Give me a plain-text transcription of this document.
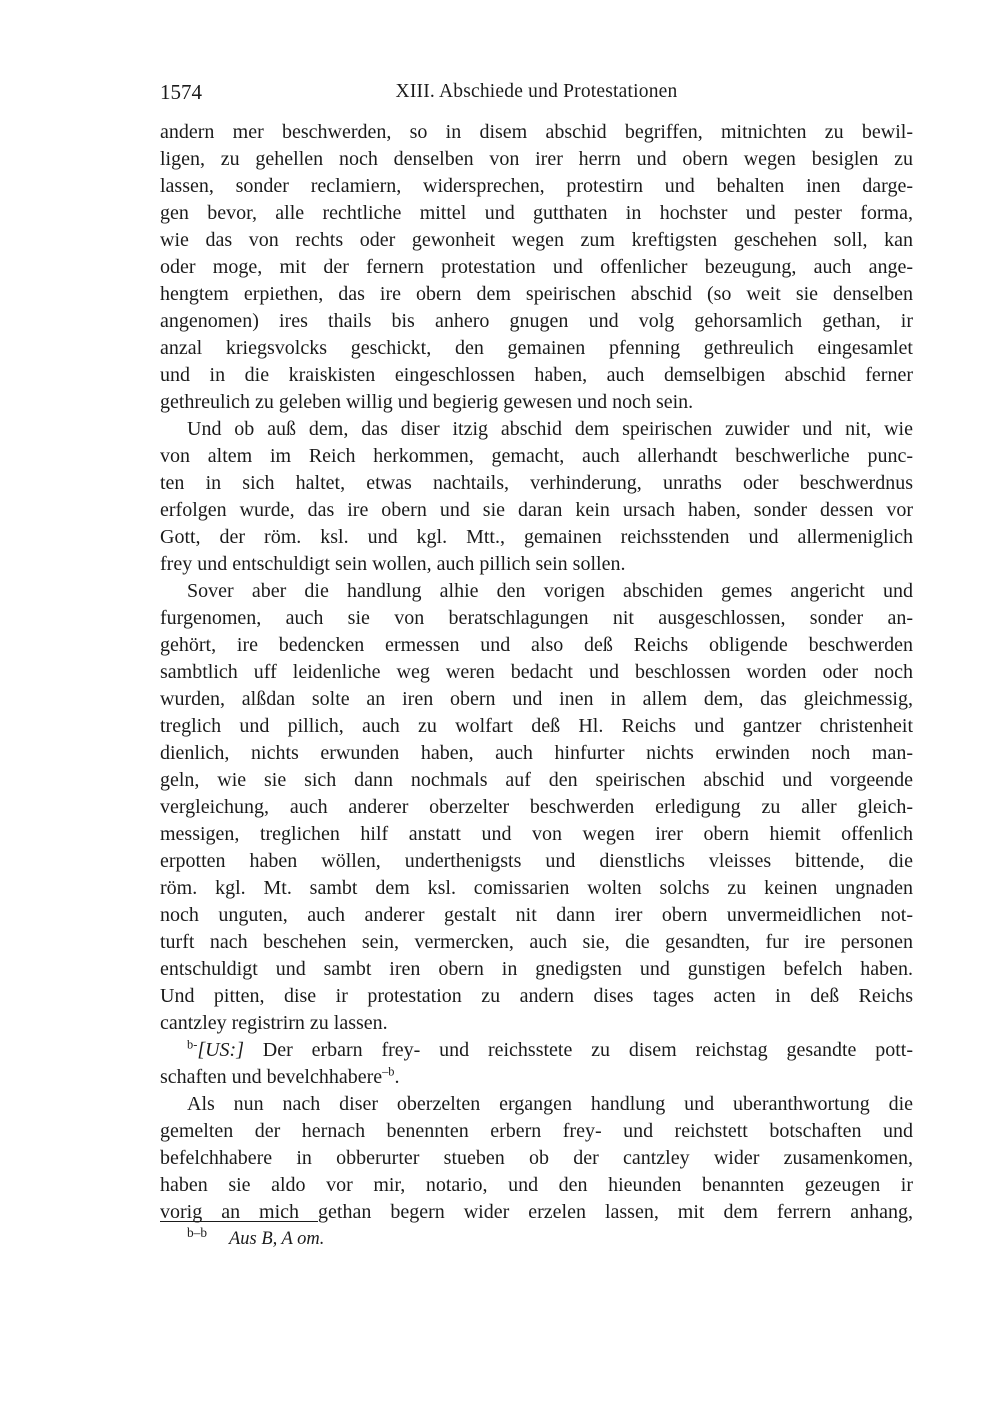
1574	XIII. Abschiede und Protestationen
andern mer beschwerden, so in disem abschid begriffen, mitnichten zu bewil-
ligen, zu gehellen noch denselben von irer herrn und obern wegen besiglen zu
lassen, sonder reclamiern, widersprechen, protestirn und behalten inen darge-
gen bevor, alle rechtliche mittel und gutthaten in hochster und pester forma,
wie das von rechts oder gewonheit wegen zum kreftigsten geschehen soll, kan
oder moge, mit der fernern protestation und offenlicher bezeugung, auch ange-
hengtem erpiethen, das ire obern dem speirischen abschid (so weit sie denselben
angenomen) ires thails bis anhero gnugen und volg gehorsamlich gethan, ir
anzal kriegsvolcks geschickt, den gemainen pfenning gethreulich eingesamlet
und in die kraiskisten eingeschlossen haben, auch demselbigen abschid ferner
gethreulich zu geleben willig und begierig gewesen und noch sein.
Und ob auß dem, das diser itzig abschid dem speirischen zuwider und nit, wie
von altem im Reich herkommen, gemacht, auch allerhandt beschwerliche punc-
ten in sich haltet, etwas nachtails, verhinderung, unraths oder beschwerdnus
erfolgen wurde, das ire obern und sie daran kein ursach haben, sonder dessen vor
Gott, der röm. ksl. und kgl. Mtt., gemainen reichsstenden und allermeniglich
frey und entschuldigt sein wollen, auch pillich sein sollen.
Sover aber die handlung alhie den vorigen abschiden gemes angericht und
furgenomen, auch sie von beratschlagungen nit ausgeschlossen, sonder an-
gehört, ire bedencken ermessen und also deß Reichs obligende beschwerden
sambtlich uff leidenliche weg weren bedacht und beschlossen worden oder noch
wurden, alßdan solte an iren obern und inen in allem dem, das gleichmessig,
treglich und pillich, auch zu wolfart deß Hl. Reichs und gantzer christenheit
dienlich, nichts erwunden haben, auch hinfurter nichts erwinden noch man-
geln, wie sie sich dann nochmals auf den speirischen abschid und vorgeende
vergleichung, auch anderer oberzelter beschwerden erledigung zu aller gleich-
messigen, treglichen hilf anstatt und von wegen irer obern hiemit offenlich
erpotten haben wöllen, underthenigsts und dienstlichs vleisses bittende, die
röm. kgl. Mt. sambt dem ksl. comissarien wolten solchs zu keinen ungnaden
noch unguten, auch anderer gestalt nit dann irer obern unvermeidlichen not-
turft nach beschehen sein, vermercken, auch sie, die gesandten, fur ire personen
entschuldigt und sambt iren obern in gnedigsten und gunstigen befelch haben.
Und pitten, dise ir protestation zu andern dises tages acten in deß Reichs
cantzley registrirn zu lassen.
$^{b-}$[US:] Der erbarn frey- und reichsstete zu disem reichstag gesandte pott-
schaften und bevelchhabere$^{-b}$.
Als nun nach diser oberzelten ergangen handlung und uberanthwortung die
gemelten der hernach benennten erbern frey- und reichstett botschaften und
befelchhabere in obberurter stueben ob der cantzley wider zusamenkomen,
haben sie aldo vor mir, notario, und den hieunden benannten gezeugen ir
vorig an mich gethan begern wider erzelen lassen, mit dem ferrern anhang,
$^{b-b}$ Aus B, A om.
